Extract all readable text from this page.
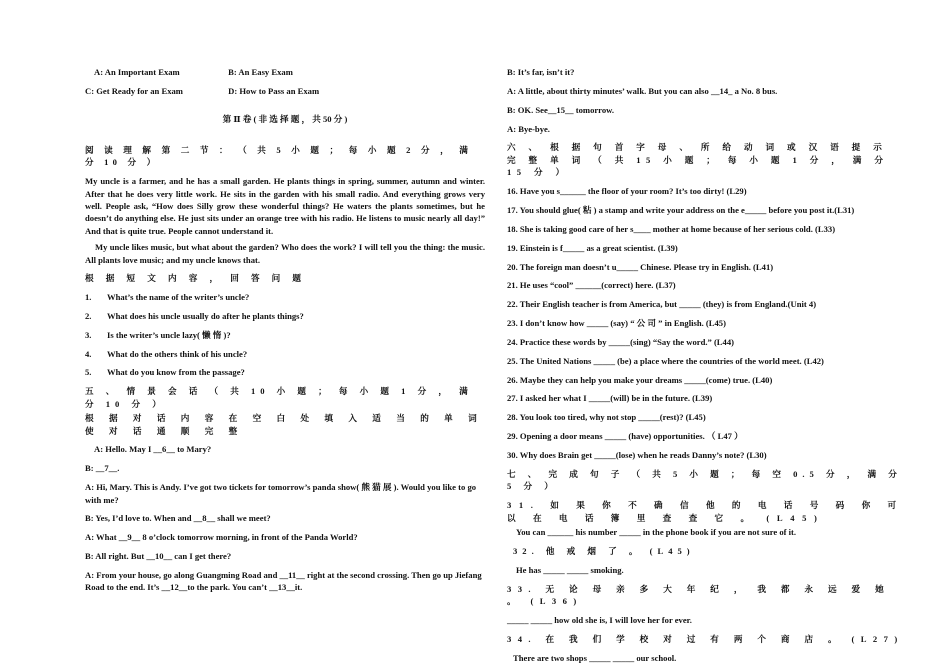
A: An Important Exam	B: An Easy Exam
C: Get Ready for an Exam	D: How to Pass an Exam
第 Ⅱ 卷 ( 非 选 择 题 ， 共 50 分 )
阅 读 理 解 第 二 节 ： （ 共 5 小 题 ； 每 小 题 2 分 ， 满 分 10 分 ）
My uncle is a farmer, and he has a small garden. He plants things in spring, summer, autumn and winter. After that he does very little work. He sits in the garden with his small radio. And everything grows very well. People ask, “How does Silly grow these wonderful things? He waters the plants sometimes, but he doesn’t do anything else. He just sits under an orange tree with his radio. He listens to music nearly all day!” And that is quite true. People cannot understand it.
My uncle likes music, but what about the garden? Who does the work? I will tell you the thing: the music. All plants love music; and my uncle knows that.
根 据 短 文 内 容 ， 回 答 问 题
1. What’s the name of the writer’s uncle?
2. What does his uncle usually do after he plants things?
3. Is the writer’s uncle lazy( 懒 惰 )?
4. What do the others think of his uncle?
5. What do you know from the passage?
五 、 情 景 会 话 （ 共 10 小 题 ； 每 小 题 1 分 ， 满 分 10 分 ）
根 据 对 话 内 容 在 空 白 处 填 入 适 当 的 单 词 使 对 话 通 顺 完 整
A: Hello. May I __6__ to Mary?
B: __7__.
A: Hi, Mary. This is Andy. I’ve got two tickets for tomorrow’s panda show( 熊 猫 展 ). Would you like to go with me?
B: Yes, I’d love to. When and __8__ shall we meet?
A: What __9__ 8 o’clock tomorrow morning, in front of the Panda World?
B: All right. But __10__ can I get there?
A: From your house, go along Guangming Road and __11__ right at the second crossing. Then go up Jiefang Road to the end. It’s __12__to the park. You can’t __13__it.
B: It’s far, isn’t it?
A: A little, about thirty minutes’ walk. But you can also __14_ a No. 8 bus.
B: OK. See__15__ tomorrow.
A: Bye-bye.
六 、 根 据 句 首 字 母 、 所 给 动 词 或 汉 语 提 示 完 整 单 词 （ 共 15 小 题 ； 每 小 题 1 分 ， 满 分 15 分 ）
16. Have you s______ the floor of your room? It’s too dirty! (L29)
17. You should glue( 粘 ) a stamp and write your address on the e_____ before you post it.(L31)
18. She is taking good care of her s____ mother at home because of her serious cold. (L33)
19. Einstein is f_____ as a great scientist. (L39)
20. The foreign man doesn’t u_____ Chinese. Please try in English. (L41)
21. He uses “cool” ______(correct) here. (L37)
22. Their English teacher is from America, but _____ (they) is from England.(Unit 4)
23. I don’t know how _____ (say) “ 公 司 ” in English. (L45)
24. Practice these words by _____(sing) “Say the word.” (L44)
25. The United Nations _____ (be) a place where the countries of the world meet. (L42)
26. Maybe they can help you make your dreams _____(come) true. (L40)
27. I asked her what I _____(will) be in the future. (L39)
28. You look too tired, why not stop _____(rest)? (L45)
29. Opening a door means _____ (have) opportunities. （ L47 ）
30. Why does Brain get _____(lose) when he reads Danny’s note? (L30)
七 、 完 成 句 子 （ 共 5 小 题 ； 每 空 0.5 分 ， 满 分 5 分 ）
31. 如 果 你 不 确 信 他 的 电 话 号 码 你 可 以 在 电 话 簿 里 查 查 它 。 (L45)
You can ______ his number _____ in the phone book if you are not sure of it.
32. 他 戒 烟 了 。 (L45)
He has _____ _____ smoking.
33. 无 论 母 亲 多 大 年 纪 ， 我 都 永 远 爱 她 。 (L36)
_____ _____ how old she is, I will love her for ever.
34. 在 我 们 学 校 对 过 有 两 个 商 店 。 (L27)
There are two shops _____ _____ our school.
